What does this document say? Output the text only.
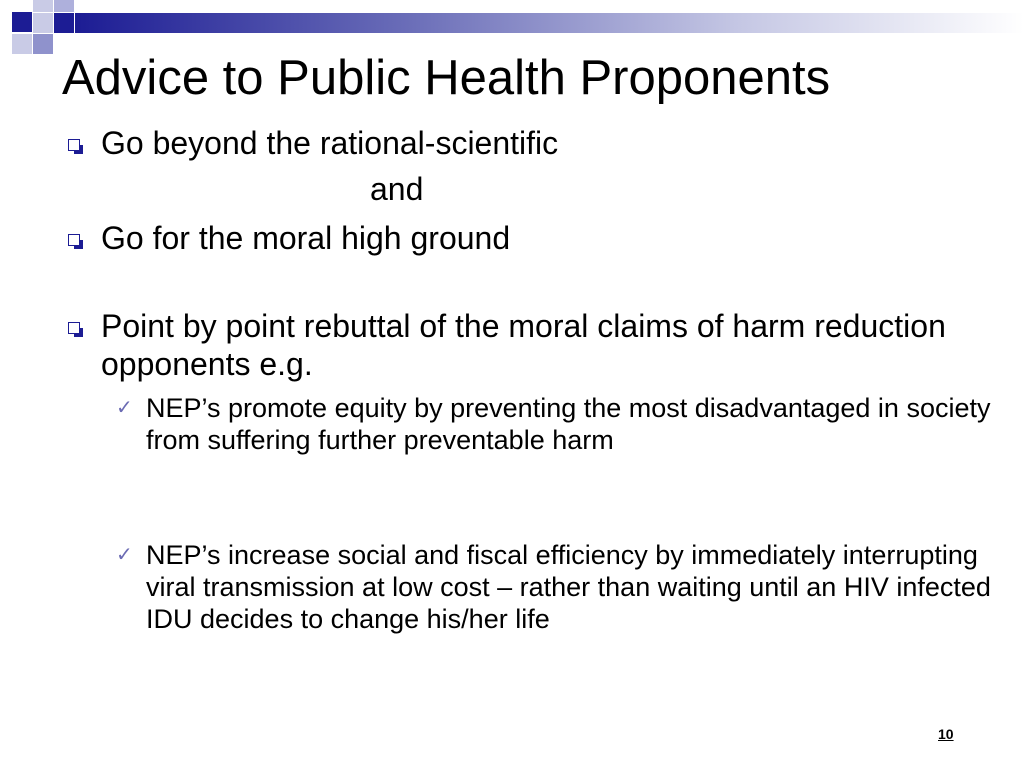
Advice to Public Health Proponents
Go beyond the rational-scientific
and
Go for the moral high ground
Point by point rebuttal of the moral claims of harm reduction opponents e.g.
✓ NEP’s promote equity by preventing the most disadvantaged in society from suffering further preventable harm
✓ NEP’s increase social and fiscal efficiency by immediately interrupting viral transmission at low cost – rather than waiting until an HIV infected IDU decides to change his/her life
10
